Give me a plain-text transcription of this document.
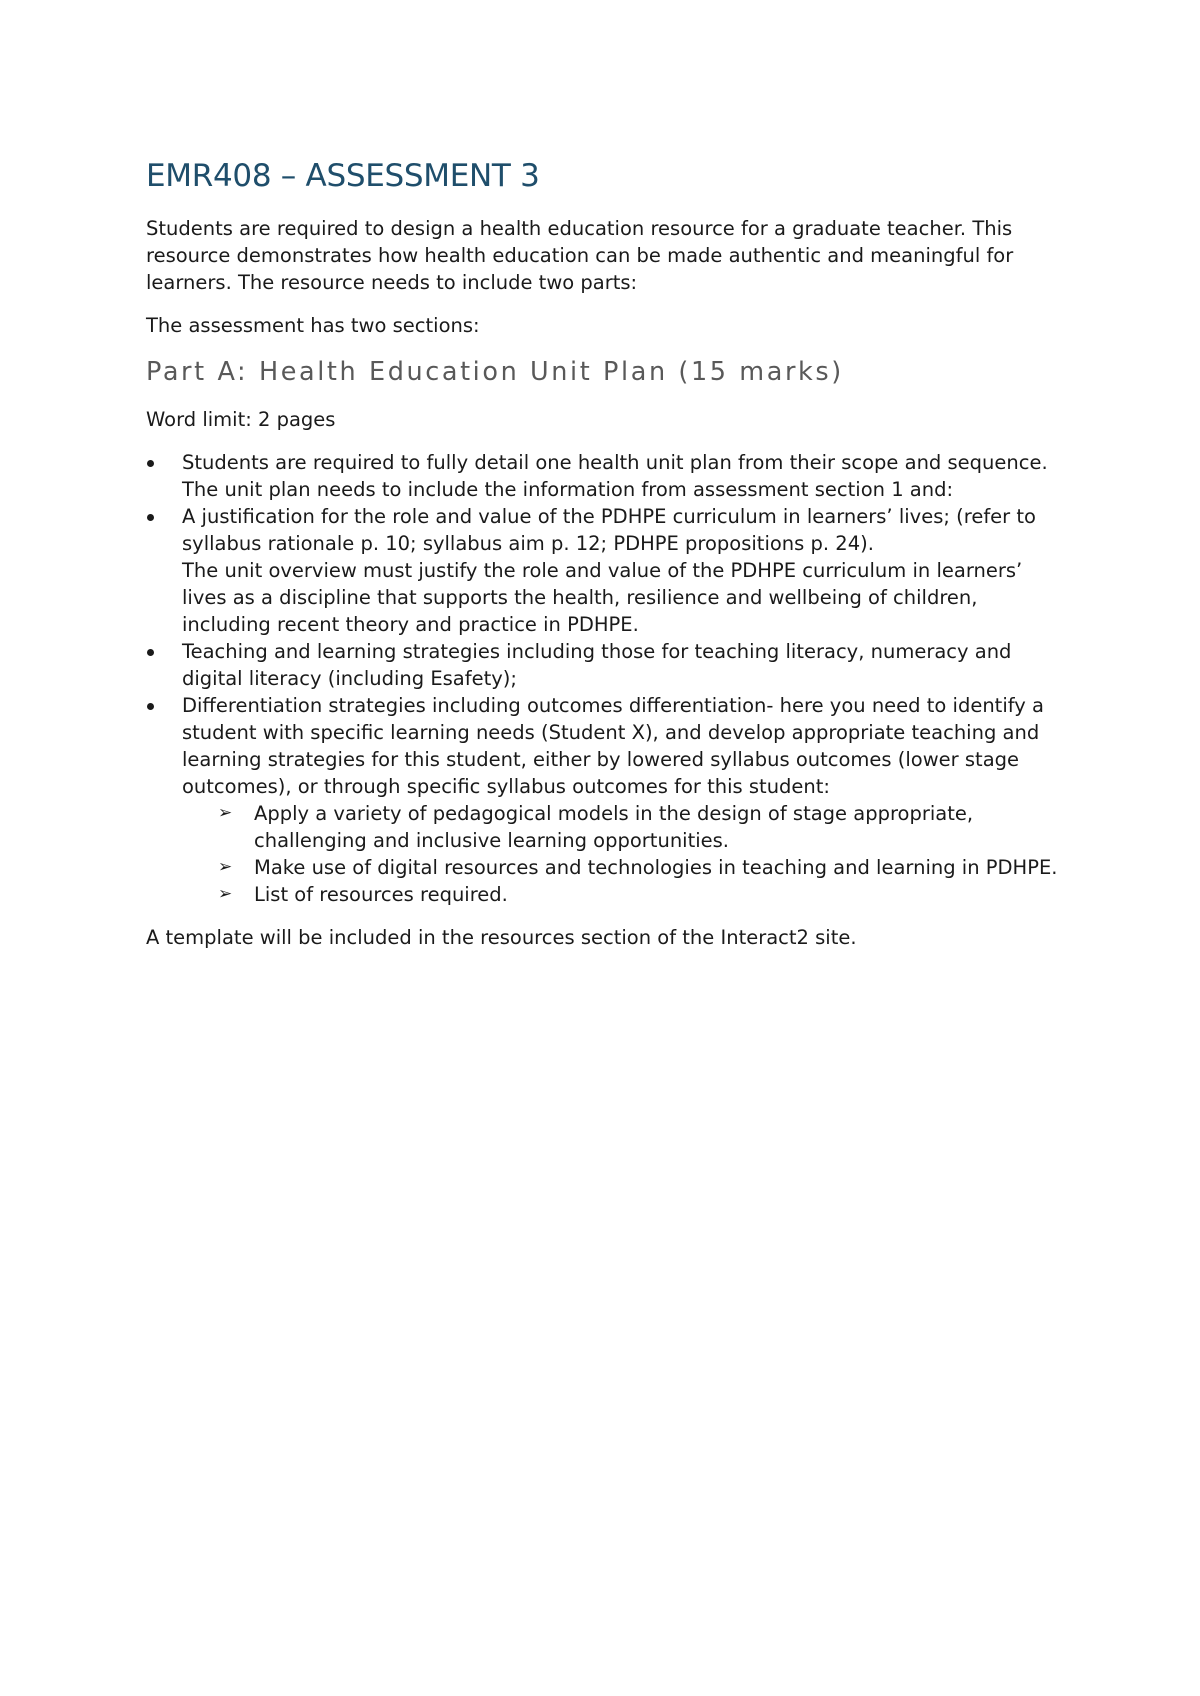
EMR408 – ASSESSMENT 3

Students are required to design a health education resource for a graduate teacher. This resource demonstrates how health education can be made authentic and meaningful for learners. The resource needs to include two parts:

The assessment has two sections:

Part A: Health Education Unit Plan (15 marks)

Word limit: 2 pages

Students are required to fully detail one health unit plan from their scope and sequence. The unit plan needs to include the information from assessment section 1 and:
A justification for the role and value of the PDHPE curriculum in learners’ lives; (refer to syllabus rationale p. 10; syllabus aim p. 12; PDHPE propositions p. 24).
The unit overview must justify the role and value of the PDHPE curriculum in learners’ lives as a discipline that supports the health, resilience and wellbeing of children, including recent theory and practice in PDHPE.
Teaching and learning strategies including those for teaching literacy, numeracy and digital literacy (including Esafety);
Differentiation strategies including outcomes differentiation- here you need to identify a student with specific learning needs (Student X), and develop appropriate teaching and learning strategies for this student, either by lowered syllabus outcomes (lower stage outcomes), or through specific syllabus outcomes for this student:
➢ Apply a variety of pedagogical models in the design of stage appropriate, challenging and inclusive learning opportunities.
➢ Make use of digital resources and technologies in teaching and learning in PDHPE.
➢ List of resources required.

A template will be included in the resources section of the Interact2 site.
